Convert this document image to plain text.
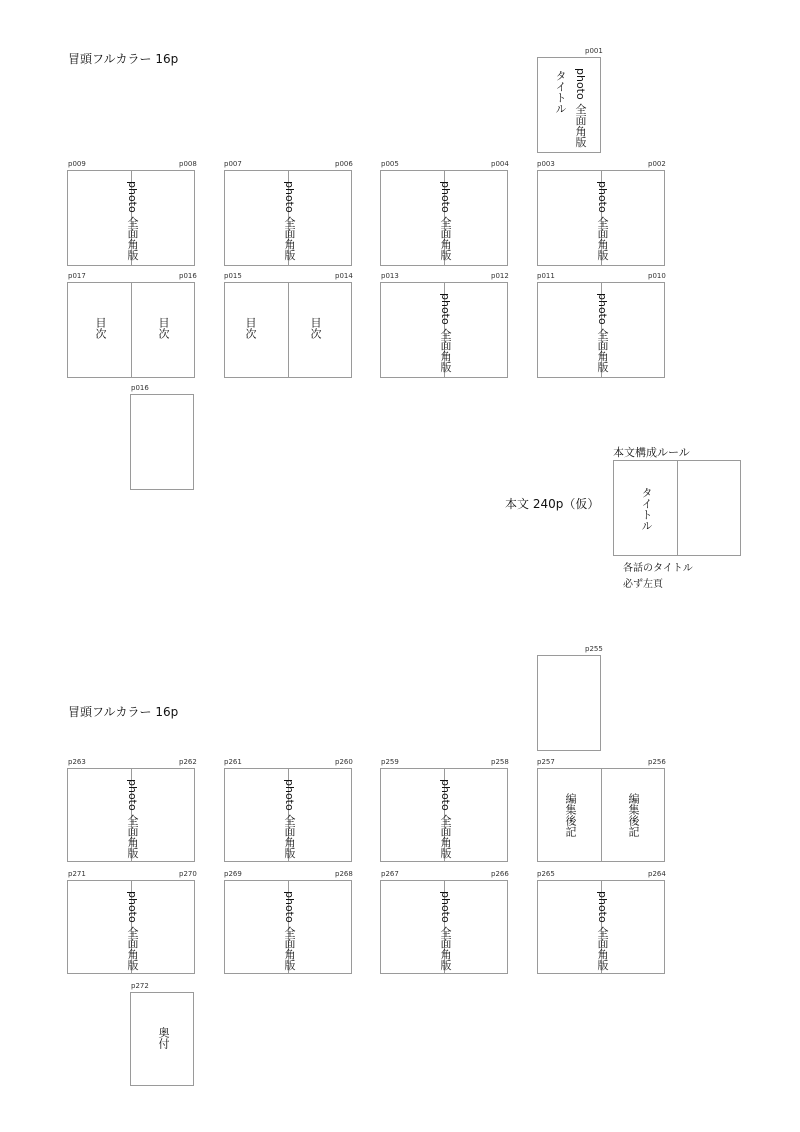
冒頭フルカラー 16p
p001
photo 全面角版
タイトル
p009	p008
photo 全面角版
p007	p006
photo 全面角版
p005	p004
photo 全面角版
p003	p002
photo 全面角版
p017	p016
目次	目次
p015	p014
目次	目次
p013	p012
photo 全面角版
p011	p010
photo 全面角版
p016
本文 240p（仮）
本文構成ルール
タイトル
各話のタイトル
必ず左頁
冒頭フルカラー 16p
p255
p263	p262
photo 全面角版
p261	p260
photo 全面角版
p259	p258
photo 全面角版
p257	p256
編集後記	編集後記
p271	p270
photo 全面角版
p269	p268
photo 全面角版
p267	p266
photo 全面角版
p265	p264
photo 全面角版
p272
奥付
